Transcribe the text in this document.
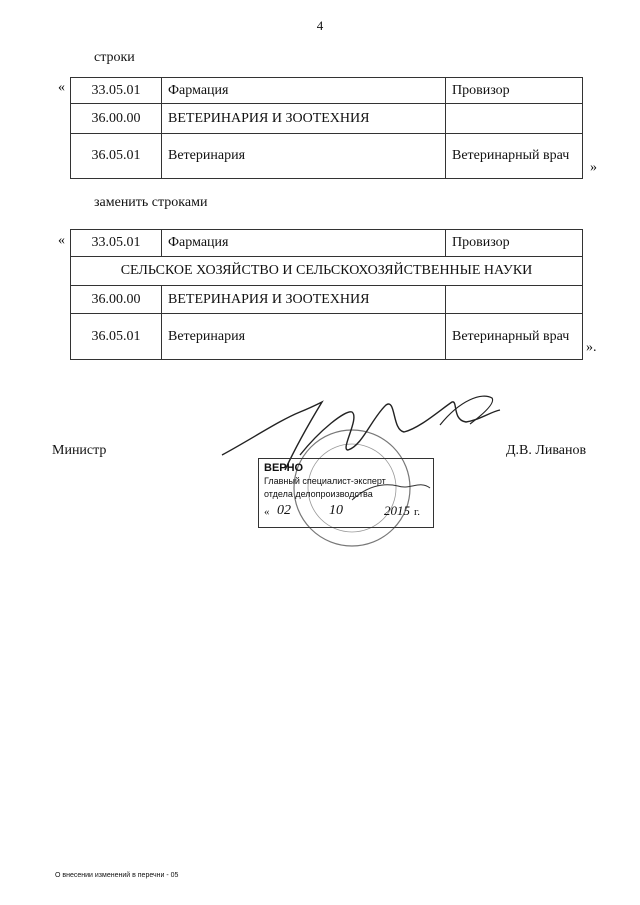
4
строки
« 33.05.01	Фармация	Провизор
36.00.00	ВЕТЕРИНАРИЯ И ЗООТЕХНИЯ	
36.05.01	Ветеринария	Ветеринарный врач
»
заменить строками
« 33.05.01	Фармация	Провизор
СЕЛЬСКОЕ ХОЗЯЙСТВО И СЕЛЬСКОХОЗЯЙСТВЕННЫЕ НАУКИ		
36.00.00	ВЕТЕРИНАРИЯ И ЗООТЕХНИЯ	
36.05.01	Ветеринария	Ветеринарный врач
».
Министр	Д.В. Ливанов
ВЕРНО
Главный специалист-эксперт
отдела делопроизводства
« 02	10	2015 г.
О внесении изменений в перечни - 05
